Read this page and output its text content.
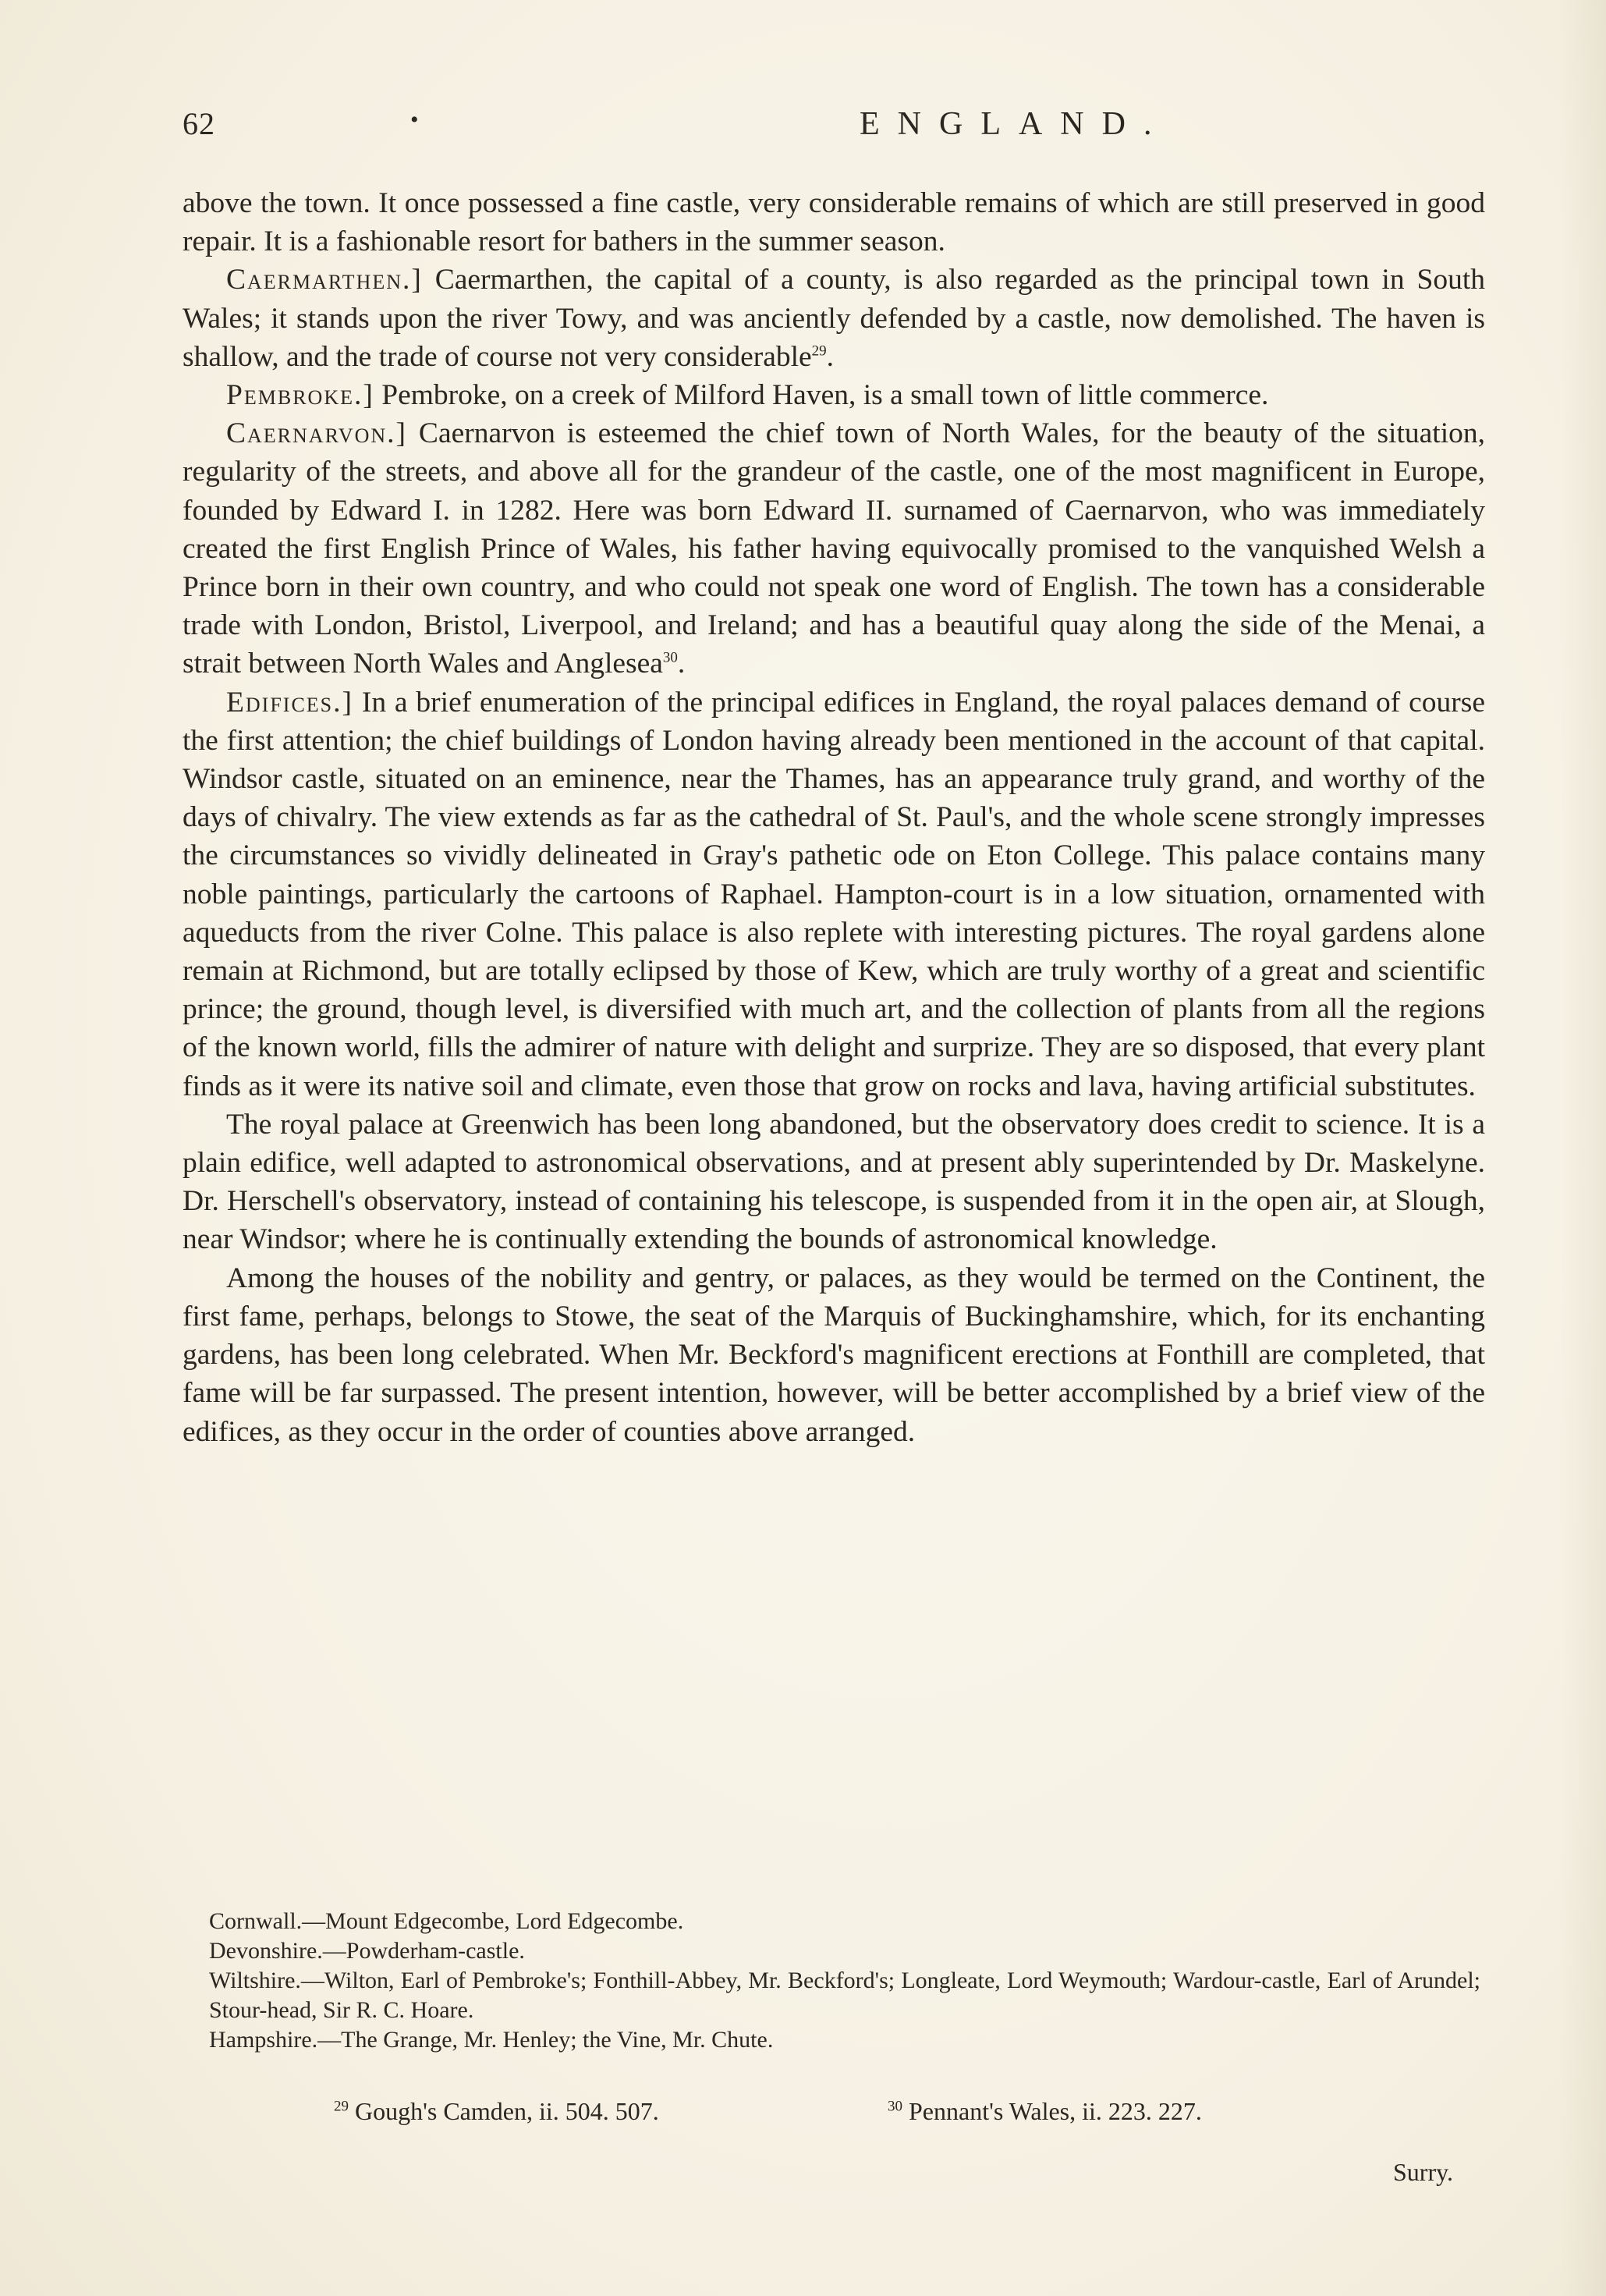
62	•	ENGLAND.

above the town. It once possessed a fine castle, very considerable remains of which are still preserved in good repair. It is a fashionable resort for bathers in the summer season.

Caermarthen.] Caermarthen, the capital of a county, is also regarded as the principal town in South Wales; it stands upon the river Towy, and was anciently defended by a castle, now demolished. The haven is shallow, and the trade of course not very considerable$^{29}$.

Pembroke.] Pembroke, on a creek of Milford Haven, is a small town of little commerce.

Caernarvon.] Caernarvon is esteemed the chief town of North Wales, for the beauty of the situation, regularity of the streets, and above all for the grandeur of the castle, one of the most magnificent in Europe, founded by Edward I. in 1282. Here was born Edward II. surnamed of Caernarvon, who was immediately created the first English Prince of Wales, his father having equivocally promised to the vanquished Welsh a Prince born in their own country, and who could not speak one word of English. The town has a considerable trade with London, Bristol, Liverpool, and Ireland; and has a beautiful quay along the side of the Menai, a strait between North Wales and Anglesea$^{30}$.

Edifices.] In a brief enumeration of the principal edifices in England, the royal palaces demand of course the first attention; the chief buildings of London having already been mentioned in the account of that capital. Windsor castle, situated on an eminence, near the Thames, has an appearance truly grand, and worthy of the days of chivalry. The view extends as far as the cathedral of St. Paul's, and the whole scene strongly impresses the circumstances so vividly delineated in Gray's pathetic ode on Eton College. This palace contains many noble paintings, particularly the cartoons of Raphael. Hampton-court is in a low situation, ornamented with aqueducts from the river Colne. This palace is also replete with interesting pictures. The royal gardens alone remain at Richmond, but are totally eclipsed by those of Kew, which are truly worthy of a great and scientific prince; the ground, though level, is diversified with much art, and the collection of plants from all the regions of the known world, fills the admirer of nature with delight and surprize. They are so disposed, that every plant finds as it were its native soil and climate, even those that grow on rocks and lava, having artificial substitutes.

The royal palace at Greenwich has been long abandoned, but the observatory does credit to science. It is a plain edifice, well adapted to astronomical observations, and at present ably superintended by Dr. Maskelyne. Dr. Herschell's observatory, instead of containing his telescope, is suspended from it in the open air, at Slough, near Windsor; where he is continually extending the bounds of astronomical knowledge.

Among the houses of the nobility and gentry, or palaces, as they would be termed on the Continent, the first fame, perhaps, belongs to Stowe, the seat of the Marquis of Buckinghamshire, which, for its enchanting gardens, has been long celebrated. When Mr. Beckford's magnificent erections at Fonthill are completed, that fame will be far surpassed. The present intention, however, will be better accomplished by a brief view of the edifices, as they occur in the order of counties above arranged.

Cornwall.—Mount Edgecombe, Lord Edgecombe.

Devonshire.—Powderham-castle.

Wiltshire.—Wilton, Earl of Pembroke's; Fonthill-Abbey, Mr. Beckford's; Longleate, Lord Weymouth; Wardour-castle, Earl of Arundel; Stour-head, Sir R. C. Hoare.

Hampshire.—The Grange, Mr. Henley; the Vine, Mr. Chute.

$^{29}$ Gough's Camden, ii. 504. 507.	$^{30}$ Pennant's Wales, ii. 223. 227.
Surry.
